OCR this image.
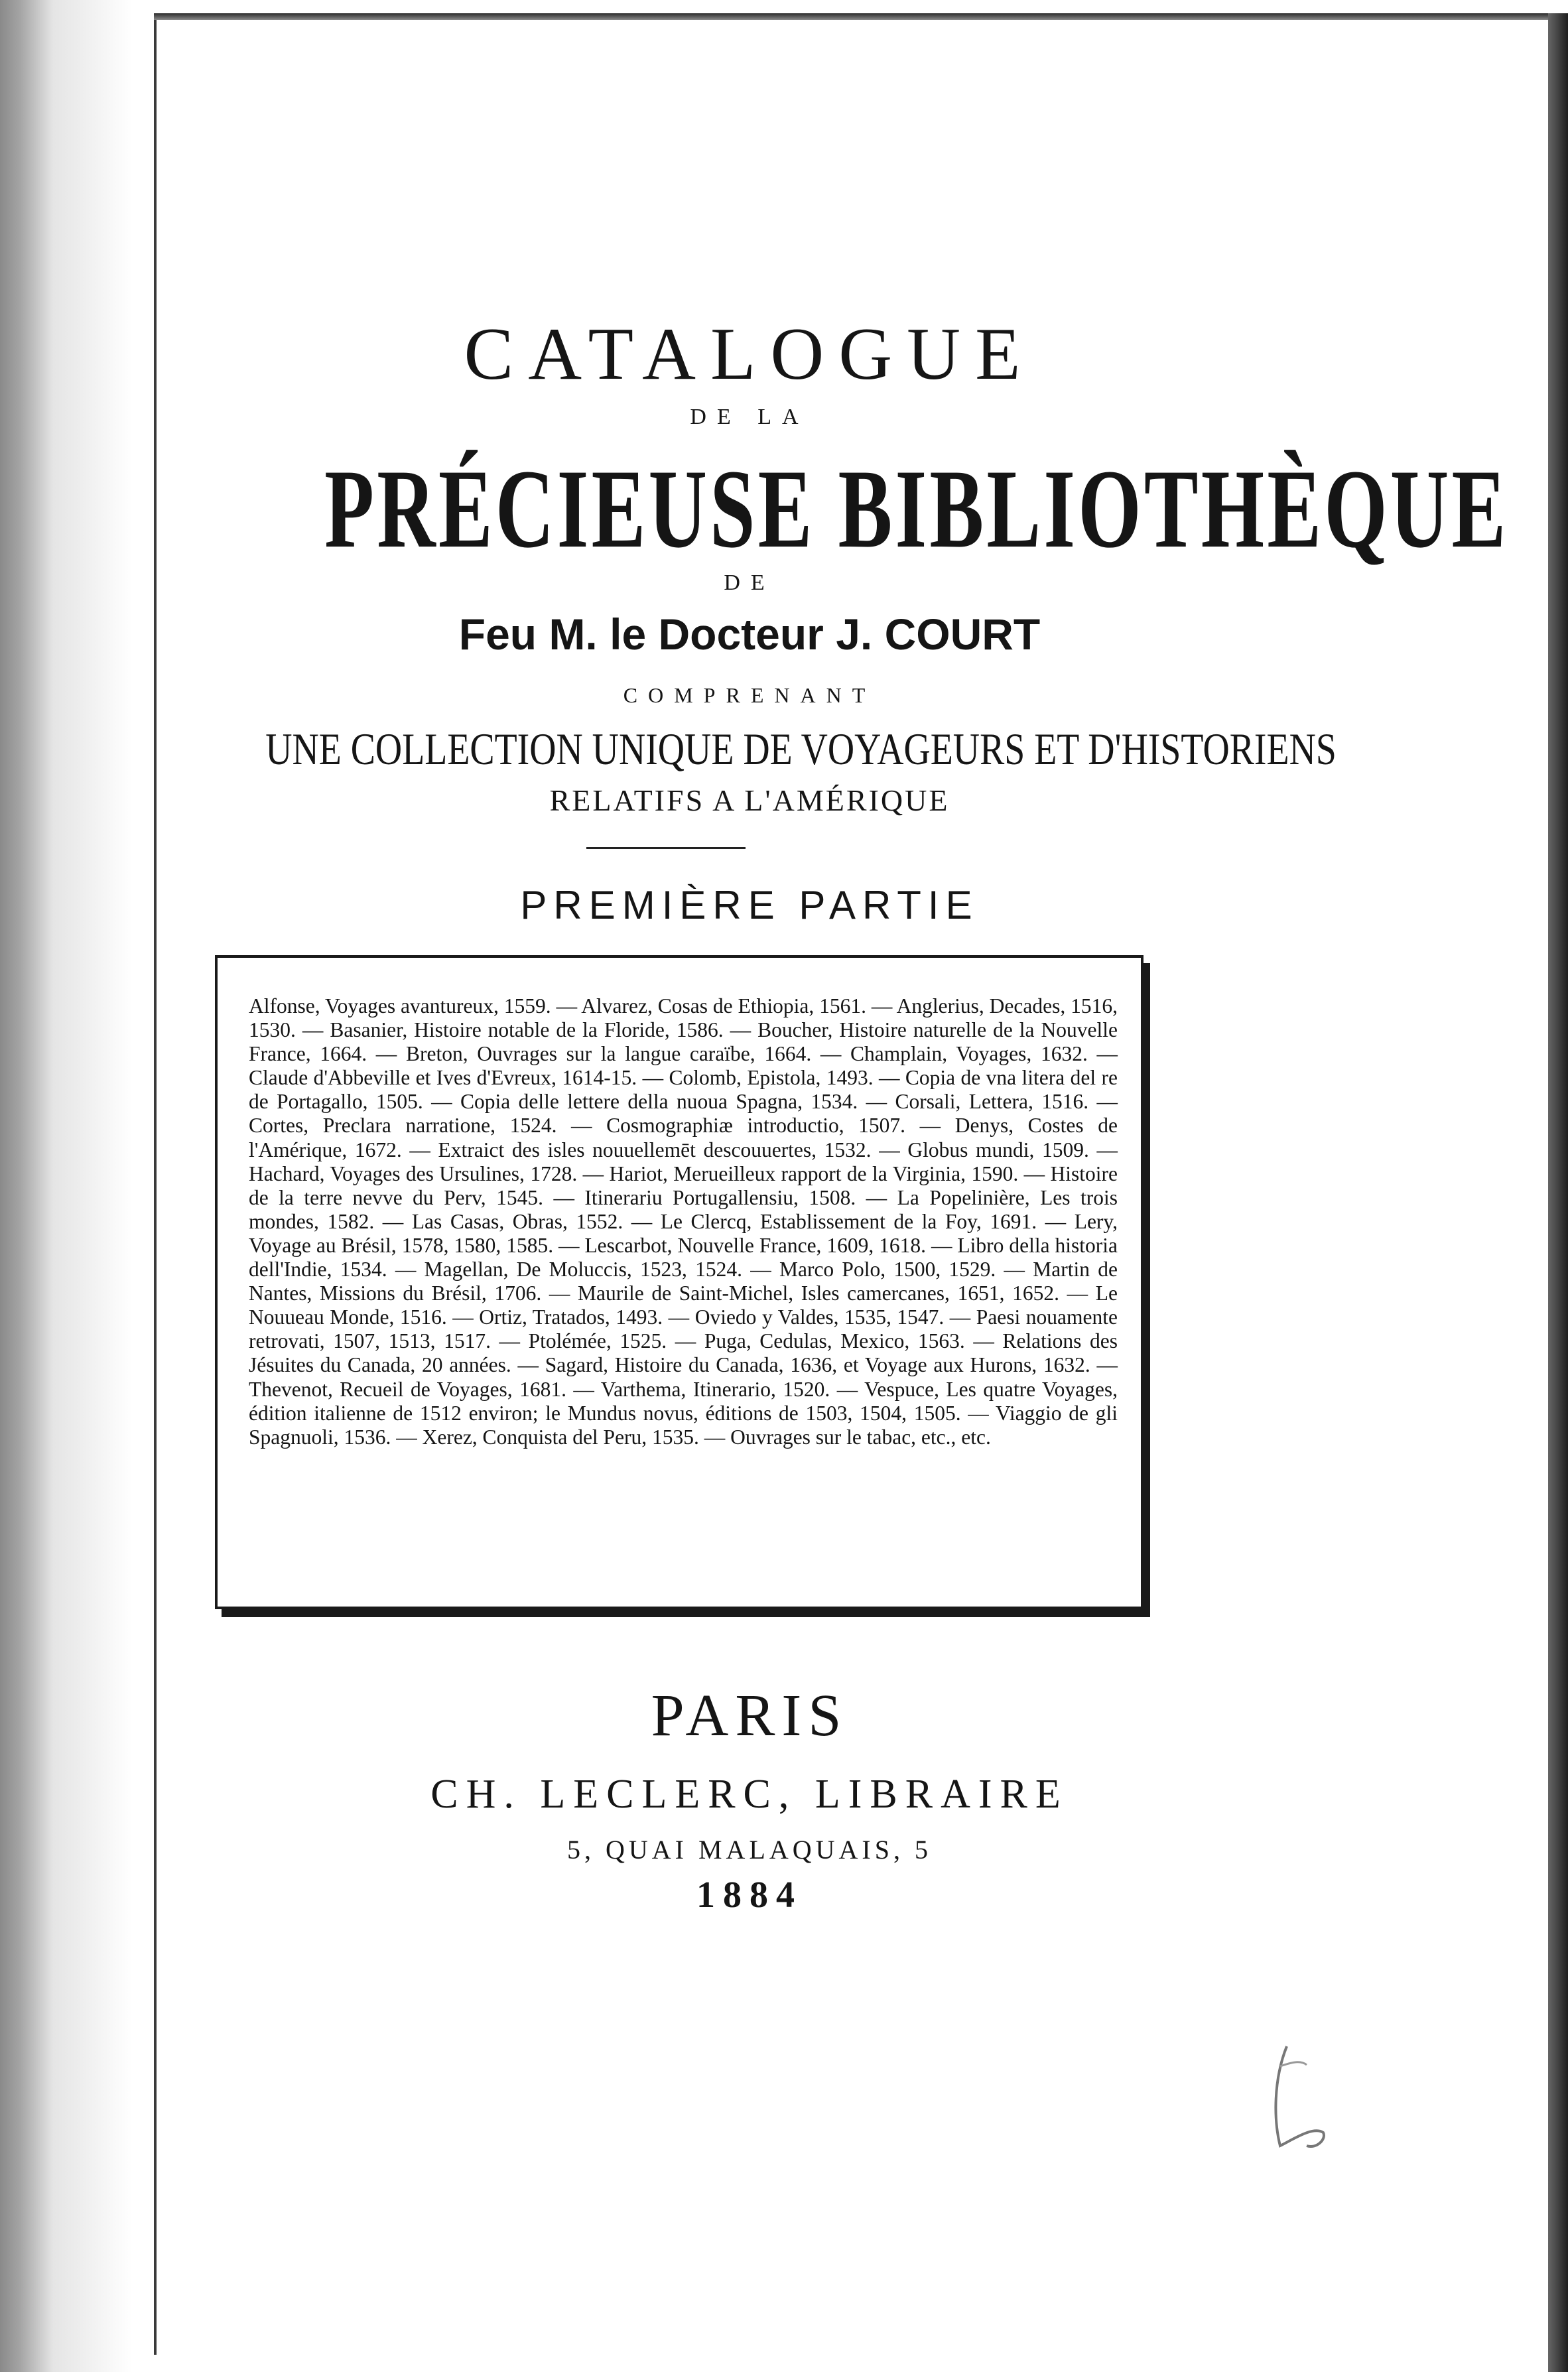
CATALOGUE
DE LA
PRÉCIEUSE BIBLIOTHÈQUE
DE
Feu M. le Docteur J. COURT
COMPRENANT
UNE COLLECTION UNIQUE DE VOYAGEURS ET D'HISTORIENS
RELATIFS A L'AMÉRIQUE
PREMIÈRE PARTIE
Alfonse, Voyages avantureux, 1559. — Alvarez, Cosas de Ethiopia, 1561. — Anglerius, Decades, 1516, 1530. — Basanier, Histoire notable de la Floride, 1586. — Boucher, Histoire naturelle de la Nouvelle France, 1664. — Breton, Ouvrages sur la langue caraïbe, 1664. — Champlain, Voyages, 1632. — Claude d'Abbeville et Ives d'Evreux, 1614-15. — Colomb, Epistola, 1493. — Copia de vna litera del re de Portagallo, 1505. — Copia delle lettere della nuoua Spagna, 1534. — Corsali, Lettera, 1516. — Cortes, Preclara narratione, 1524. — Cosmographiæ introductio, 1507. — Denys, Costes de l'Amérique, 1672. — Extraict des isles nouuellemēt descouuertes, 1532. — Globus mundi, 1509. — Hachard, Voyages des Ursulines, 1728. — Hariot, Merueilleux rapport de la Virginia, 1590. — Histoire de la terre nevve du Perv, 1545. — Itinerariu Portugallensiu, 1508. — La Popelinière, Les trois mondes, 1582. — Las Casas, Obras, 1552. — Le Clercq, Establissement de la Foy, 1691. — Lery, Voyage au Brésil, 1578, 1580, 1585. — Lescarbot, Nouvelle France, 1609, 1618. — Libro della historia dell'Indie, 1534. — Magellan, De Moluccis, 1523, 1524. — Marco Polo, 1500, 1529. — Martin de Nantes, Missions du Brésil, 1706. — Maurile de Saint-Michel, Isles camercanes, 1651, 1652. — Le Nouueau Monde, 1516. — Ortiz, Tratados, 1493. — Oviedo y Valdes, 1535, 1547. — Paesi nouamente retrovati, 1507, 1513, 1517. — Ptolémée, 1525. — Puga, Cedulas, Mexico, 1563. — Relations des Jésuites du Canada, 20 années. — Sagard, Histoire du Canada, 1636, et Voyage aux Hurons, 1632. — Thevenot, Recueil de Voyages, 1681. — Varthema, Itinerario, 1520. — Vespuce, Les quatre Voyages, édition italienne de 1512 environ; le Mundus novus, éditions de 1503, 1504, 1505. — Viaggio de gli Spagnuoli, 1536. — Xerez, Conquista del Peru, 1535. — Ouvrages sur le tabac, etc., etc.
PARIS
CH. LECLERC, LIBRAIRE
5, QUAI MALAQUAIS, 5
1884
